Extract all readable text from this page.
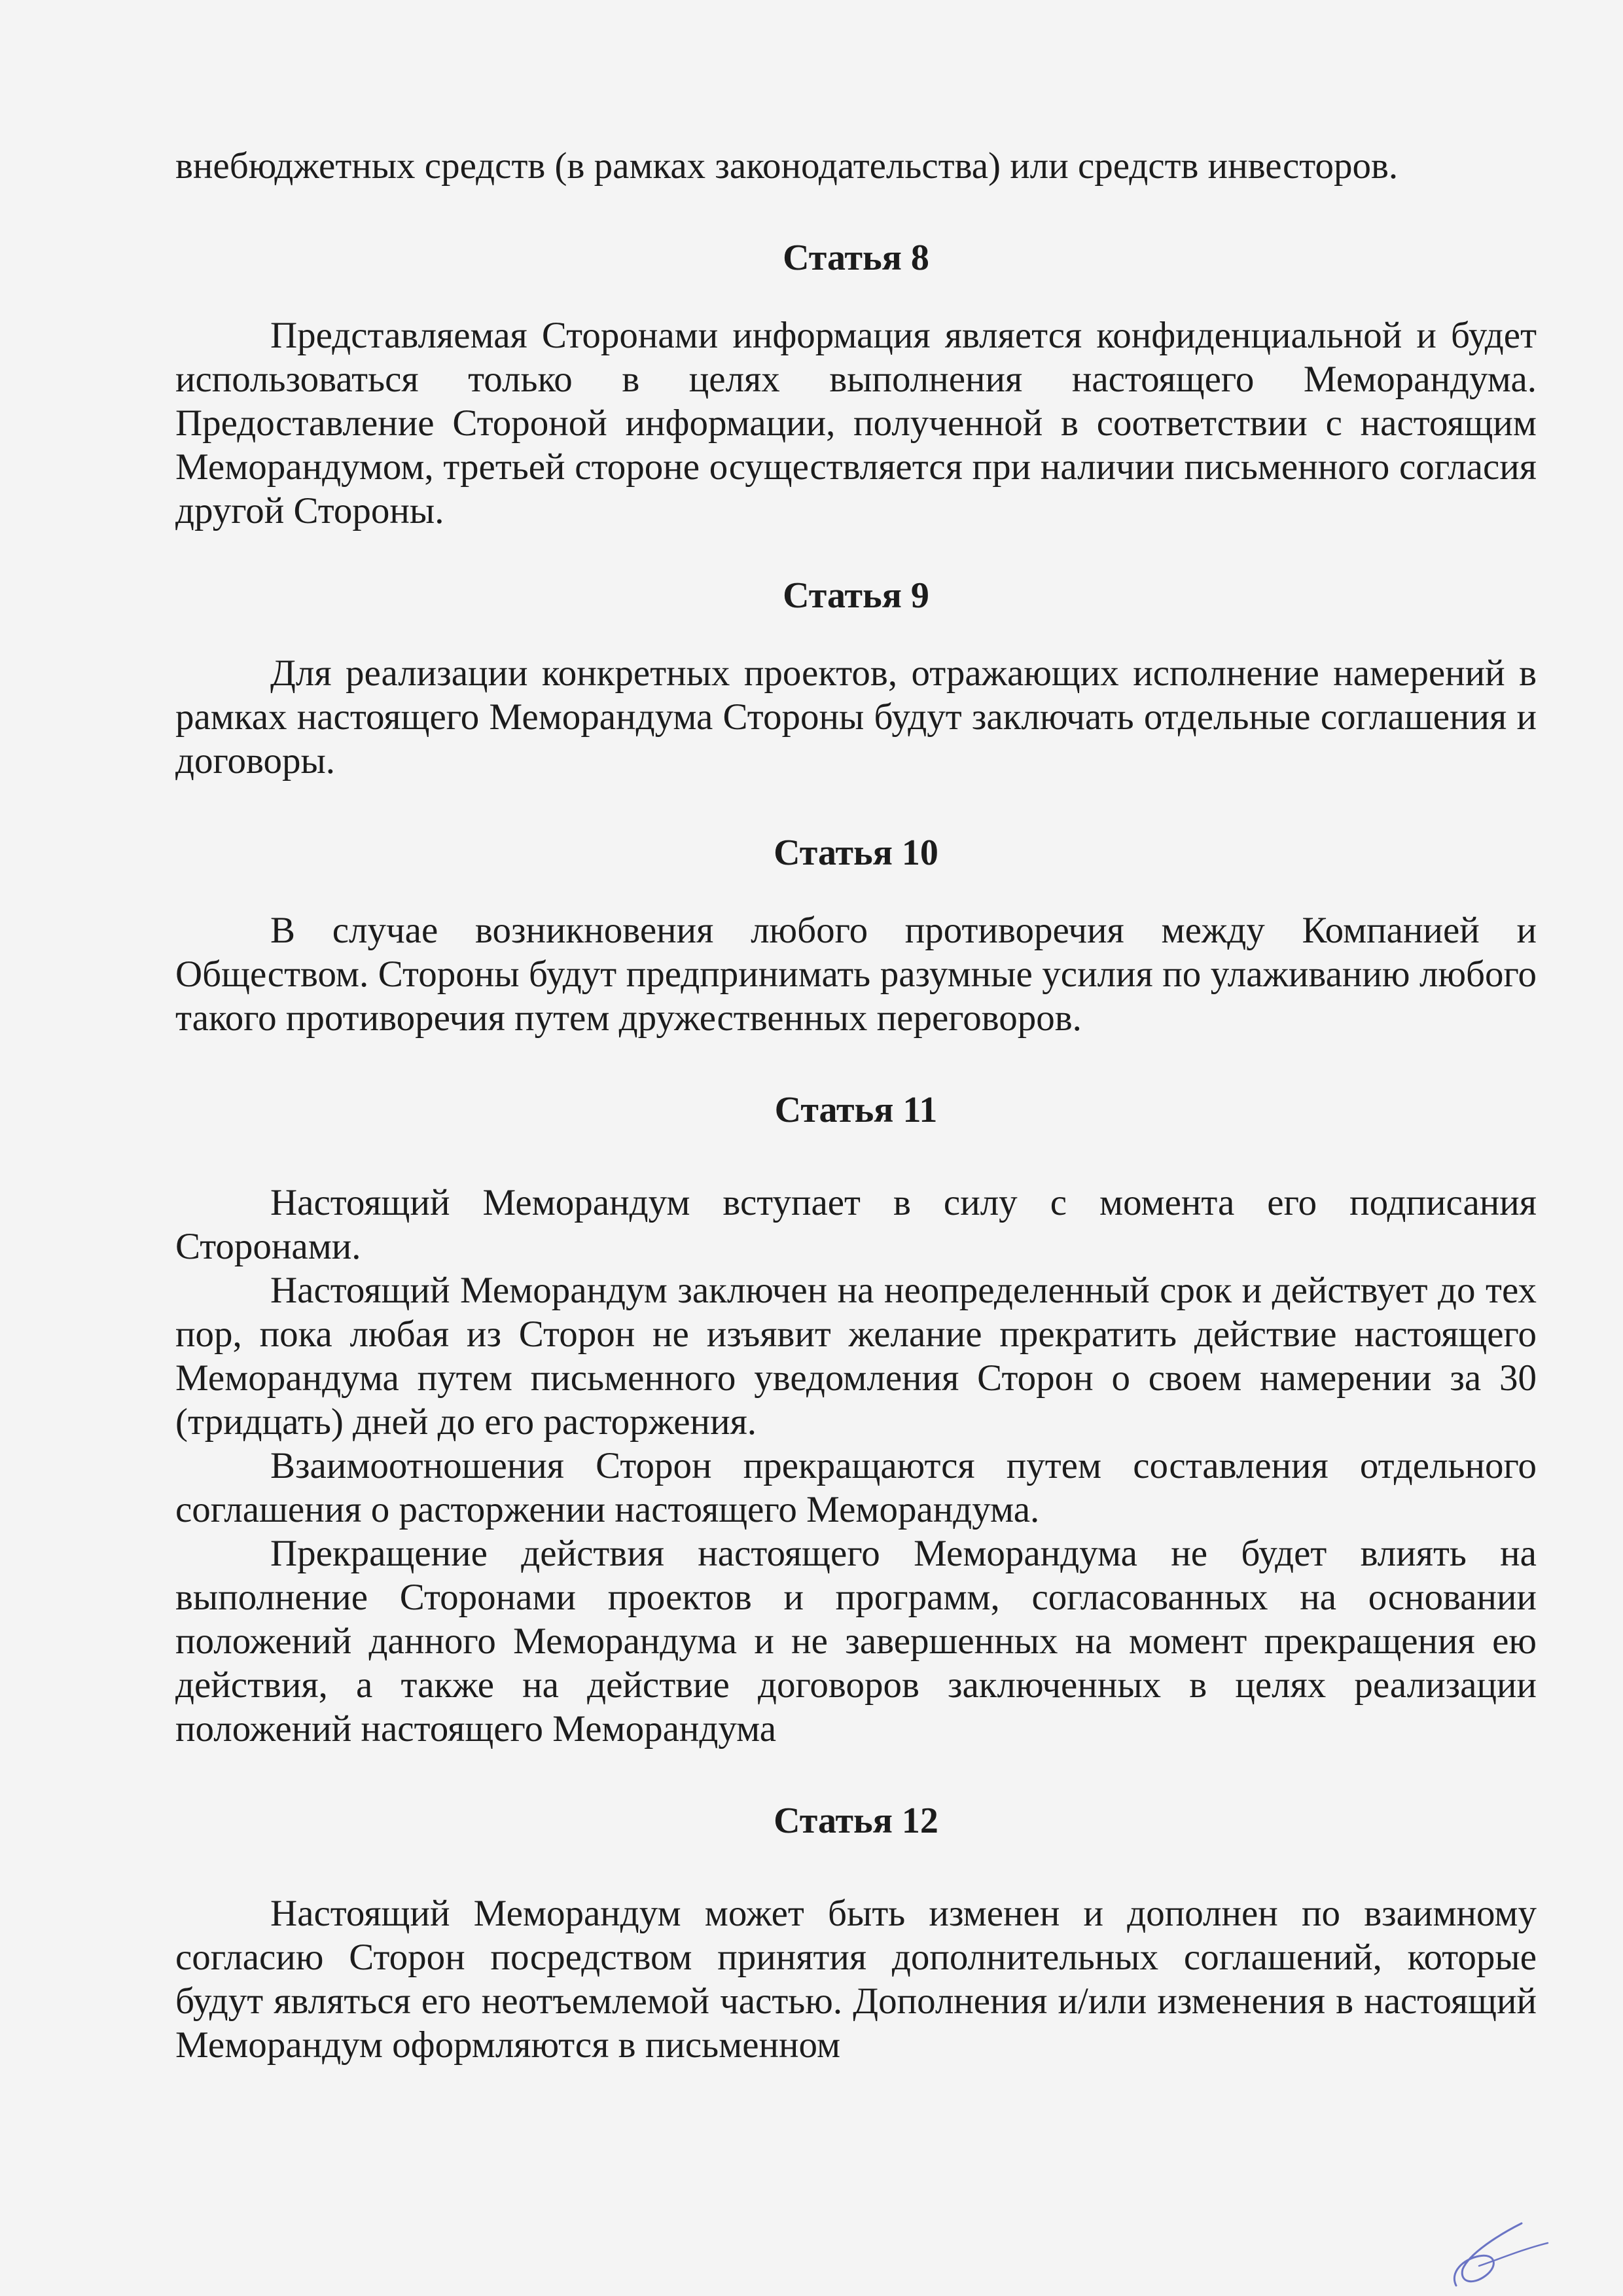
внебюджетных средств (в рамках законодательства) или средств инвесторов.

Статья 8

Представляемая Сторонами информация является конфиденциальной и будет использоваться только в целях выполнения настоящего Меморандума. Предоставление Стороной информации, полученной в соответствии с настоящим Меморандумом, третьей стороне осуществляется при наличии письменного согласия другой Стороны.

Статья 9

Для реализации конкретных проектов, отражающих исполнение намерений в рамках настоящего Меморандума Стороны будут заключать отдельные соглашения и договоры.

Статья 10

В случае возникновения любого противоречия между Компанией и Обществом. Стороны будут предпринимать разумные усилия по улаживанию любого такого противоречия путем дружественных переговоров.

Статья 11

Настоящий Меморандум вступает в силу с момента его подписания Сторонами.

Настоящий Меморандум заключен на неопределенный срок и действует до тех пор, пока любая из Сторон не изъявит желание прекратить действие настоящего Меморандума путем письменного уведомления Сторон о своем намерении за 30 (тридцать) дней до его расторжения.

Взаимоотношения Сторон прекращаются путем составления отдельного соглашения о расторжении настоящего Меморандума.

Прекращение действия настоящего Меморандума не будет влиять на выполнение Сторонами проектов и программ, согласованных на основании положений данного Меморандума и не завершенных на момент прекращения ею действия, а также на действие договоров заключенных в целях реализации положений настоящего Меморандума

Статья 12

Настоящий Меморандум может быть изменен и дополнен по взаимному согласию Сторон посредством принятия дополнительных соглашений, которые будут являться его неотъемлемой частью. Дополнения и/или изменения в настоящий Меморандум оформляются в письменном
